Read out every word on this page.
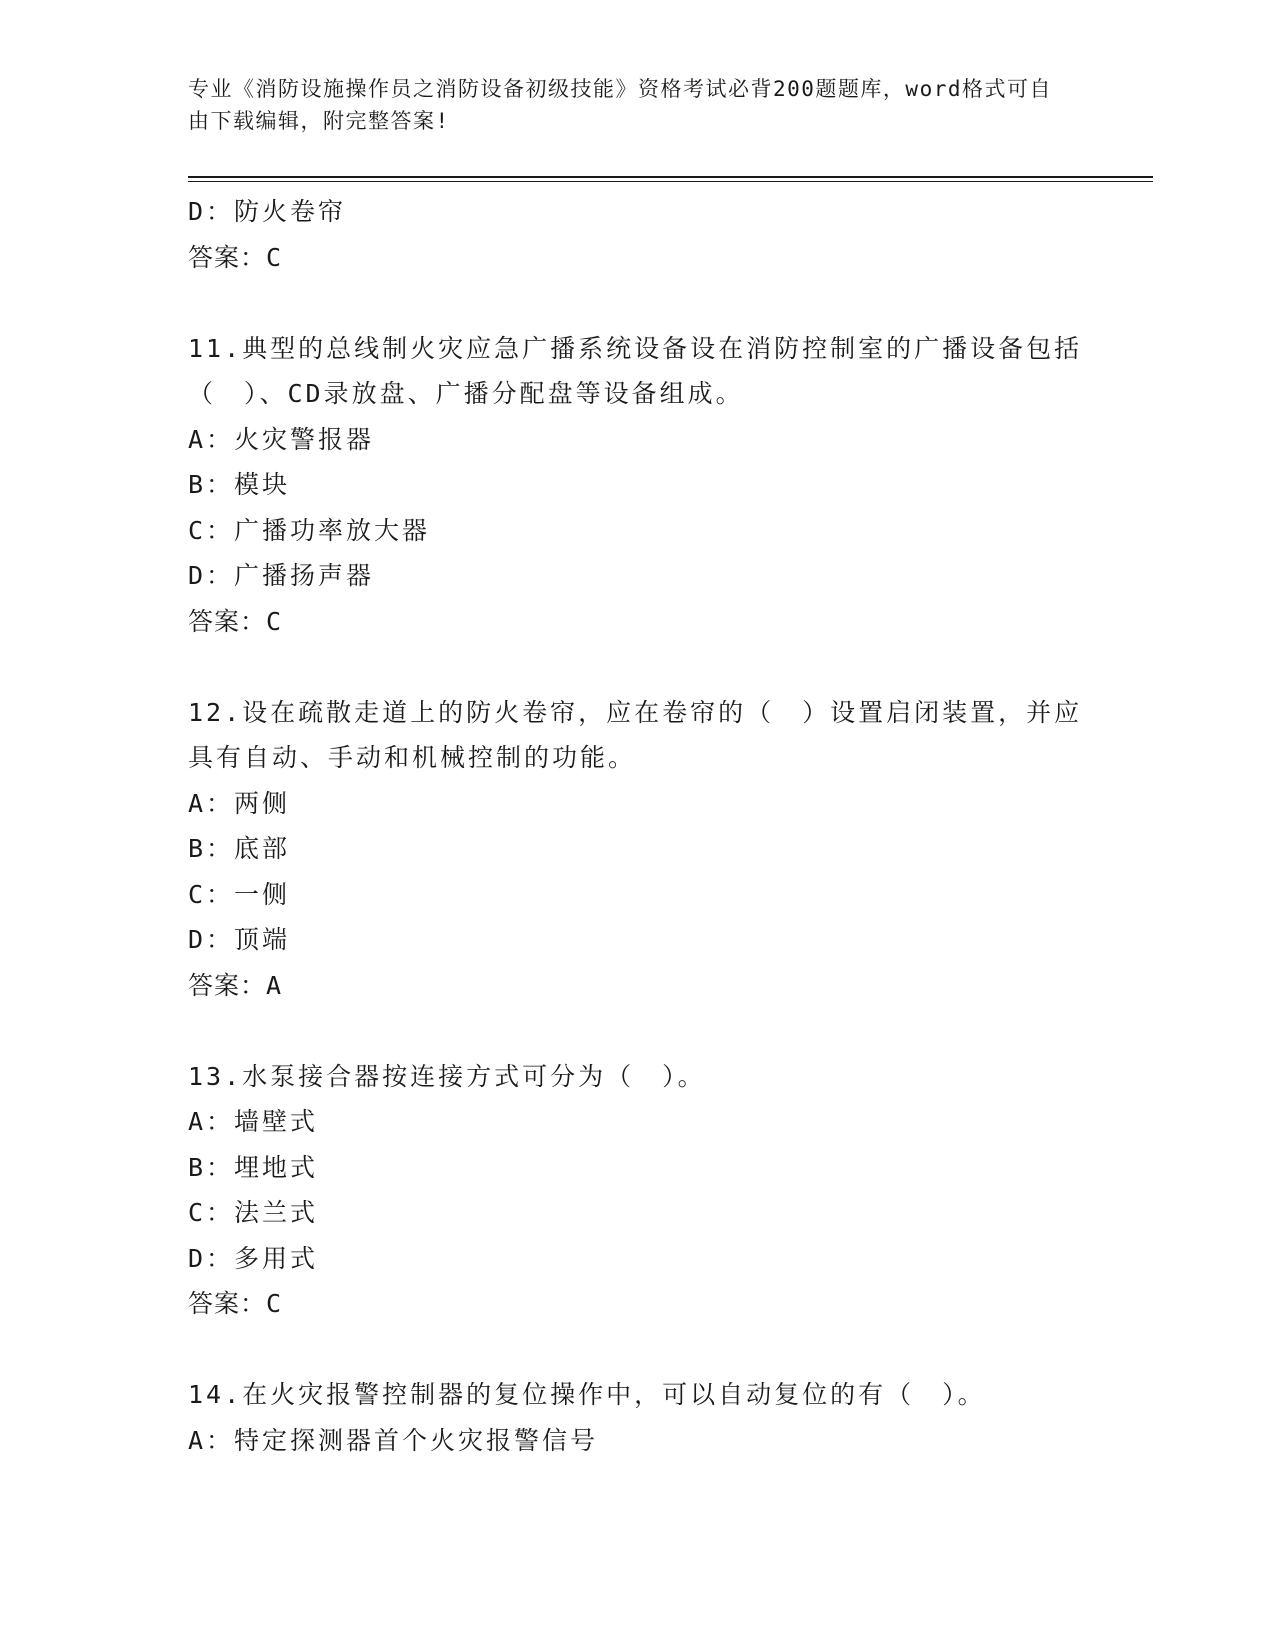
专业《消防设施操作员之消防设备初级技能》资格考试必背200题题库，word格式可自由下载编辑，附完整答案!
D：防火卷帘
答案：C
11.典型的总线制火灾应急广播系统设备设在消防控制室的广播设备包括（　）、CD录放盘、广播分配盘等设备组成。
A：火灾警报器
B：模块
C：广播功率放大器
D：广播扬声器
答案：C
12.设在疏散走道上的防火卷帘，应在卷帘的（　）设置启闭装置，并应具有自动、手动和机械控制的功能。
A：两侧
B：底部
C：一侧
D：顶端
答案：A
13.水泵接合器按连接方式可分为（　）。
A：墙壁式
B：埋地式
C：法兰式
D：多用式
答案：C
14.在火灾报警控制器的复位操作中，可以自动复位的有（　）。
A：特定探测器首个火灾报警信号
